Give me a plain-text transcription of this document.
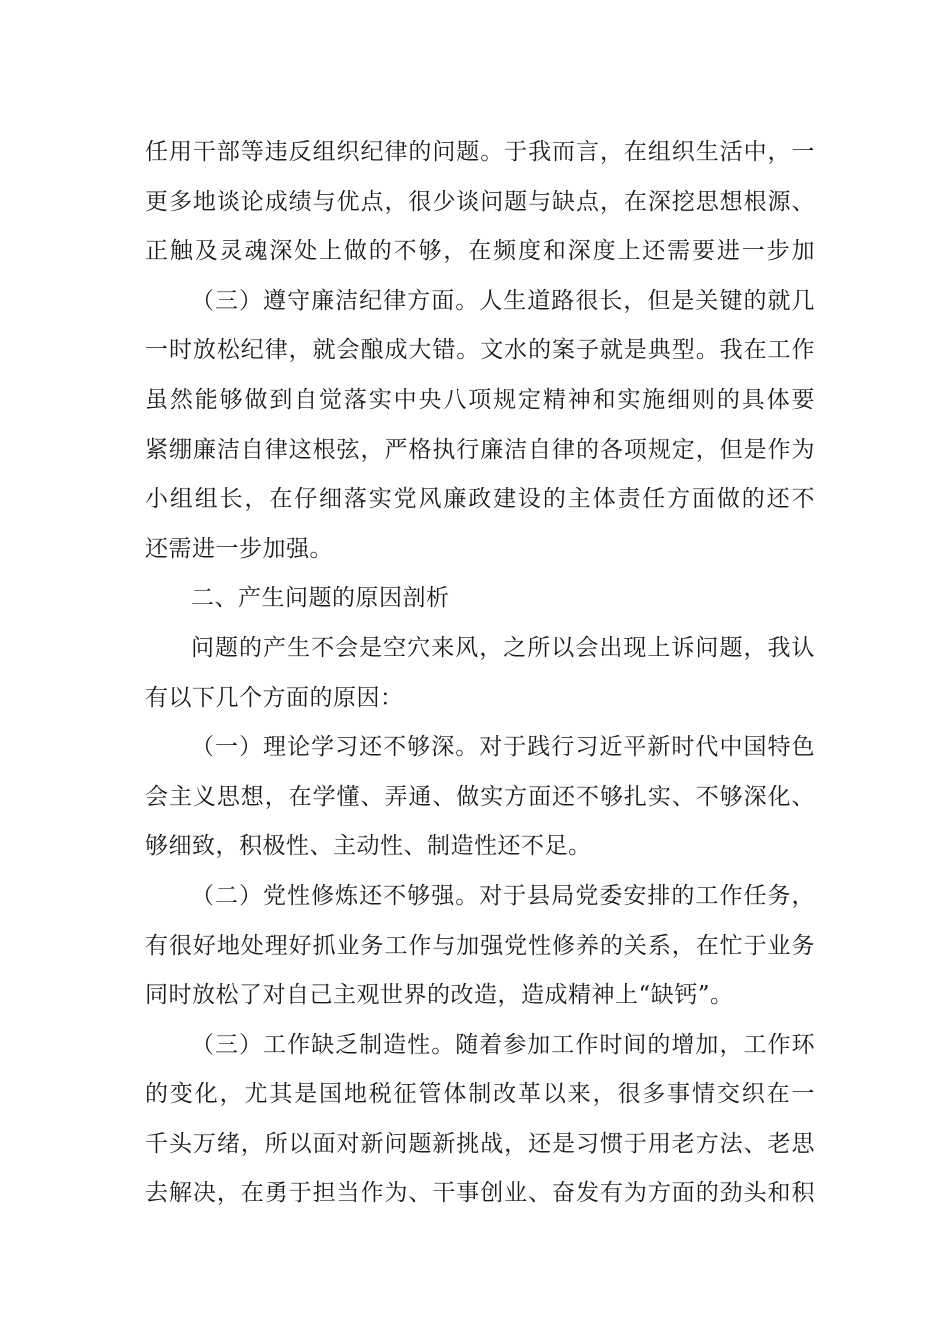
任用干部等违反组织纪律的问题。于我而言，在组织生活中，一
更多地谈论成绩与优点，很少谈问题与缺点，在深挖思想根源、
正触及灵魂深处上做的不够，在频度和深度上还需要进一步加
（三）遵守廉洁纪律方面。人生道路很长，但是关键的就几
一时放松纪律，就会酿成大错。文水的案子就是典型。我在工作
虽然能够做到自觉落实中央八项规定精神和实施细则的具体要
紧绷廉洁自律这根弦，严格执行廉洁自律的各项规定，但是作为
小组组长，在仔细落实党风廉政建设的主体责任方面做的还不
还需进一步加强。
二、产生问题的原因剖析
问题的产生不会是空穴来风，之所以会出现上诉问题，我认
有以下几个方面的原因：
（一）理论学习还不够深。对于践行习近平新时代中国特色
会主义思想，在学懂、弄通、做实方面还不够扎实、不够深化、
够细致，积极性、主动性、制造性还不足。
（二）党性修炼还不够强。对于县局党委安排的工作任务，
有很好地处理好抓业务工作与加强党性修养的关系，在忙于业务
同时放松了对自己主观世界的改造，造成精神上“缺钙”。
（三）工作缺乏制造性。随着参加工作时间的增加，工作环
的变化，尤其是国地税征管体制改革以来，很多事情交织在一
千头万绪，所以面对新问题新挑战，还是习惯于用老方法、老思
去解决，在勇于担当作为、干事创业、奋发有为方面的劲头和积
